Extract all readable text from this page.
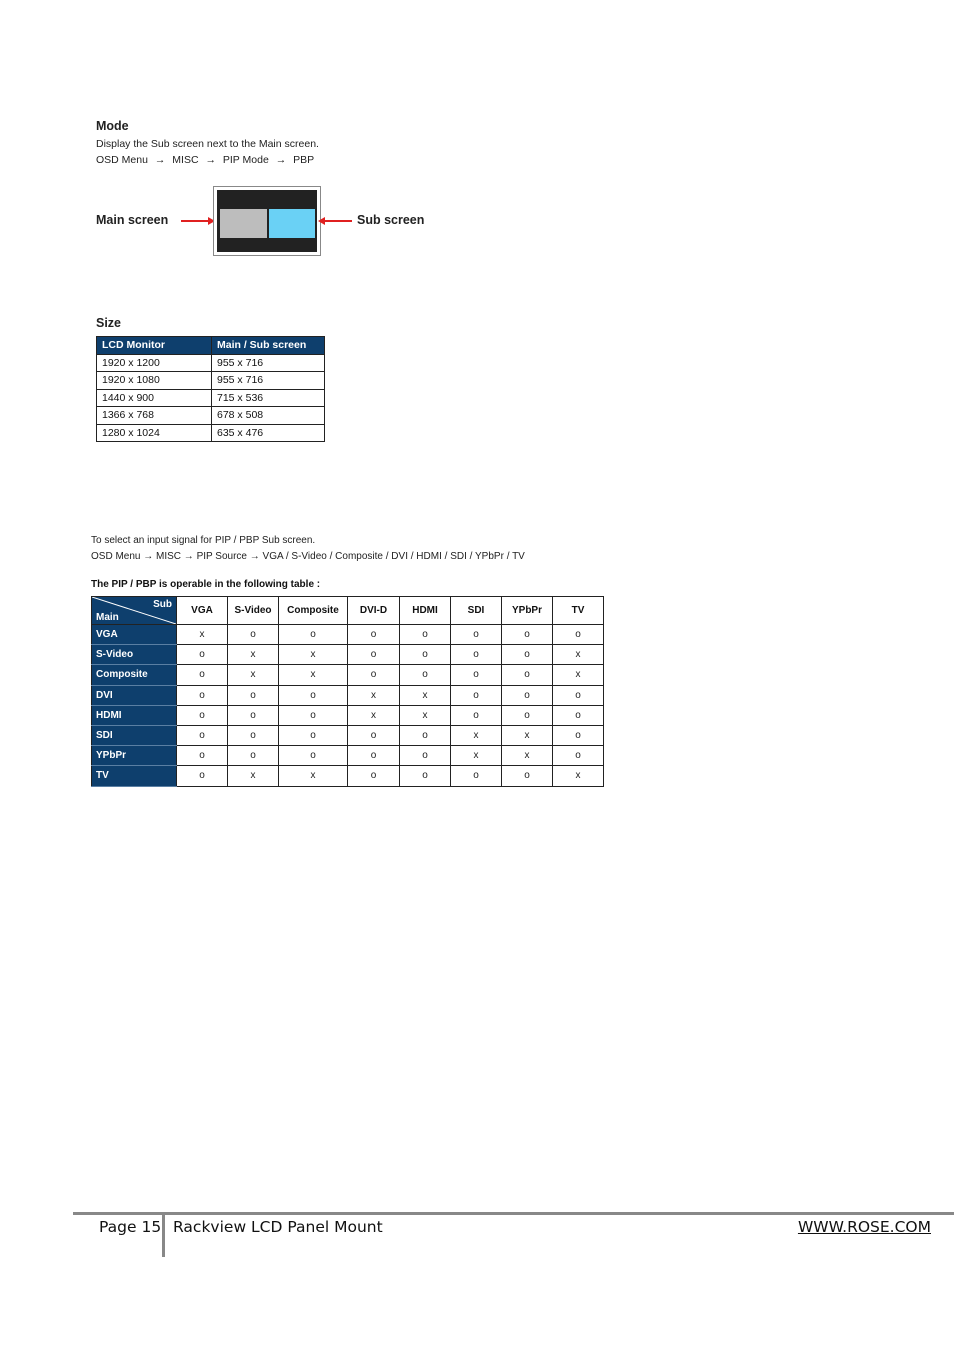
Mode
Display the Sub screen next to the Main screen.
OSD Menu → MISC → PIP Mode → PBP
Main screen	Sub screen
Size
LCD Monitor	Main / Sub screen
1920 x 1200	955 x 716
1920 x 1080	955 x 716
1440 x 900	715 x 536
1366 x 768	678 x 508
1280 x 1024	635 x 476
To select an input signal for PIP / PBP Sub screen.
OSD Menu → MISC → PIP Source → VGA / S-Video / Composite / DVI / HDMI / SDI / YPbPr / TV
The PIP / PBP is operable in the following table :
Sub
Main	VGA	S-Video	Composite	DVI-D	HDMI	SDI	YPbPr	TV
VGA	x	o	o	o	o	o	o	o
S-Video	o	x	x	o	o	o	o	x
Composite	o	x	x	o	o	o	o	x
DVI	o	o	o	x	x	o	o	o
HDMI	o	o	o	x	x	o	o	o
SDI	o	o	o	o	o	x	x	o
YPbPr	o	o	o	o	o	x	x	o
TV	o	x	x	o	o	o	o	x
Page 15 Rackview LCD Panel Mount	WWW.ROSE.COM
